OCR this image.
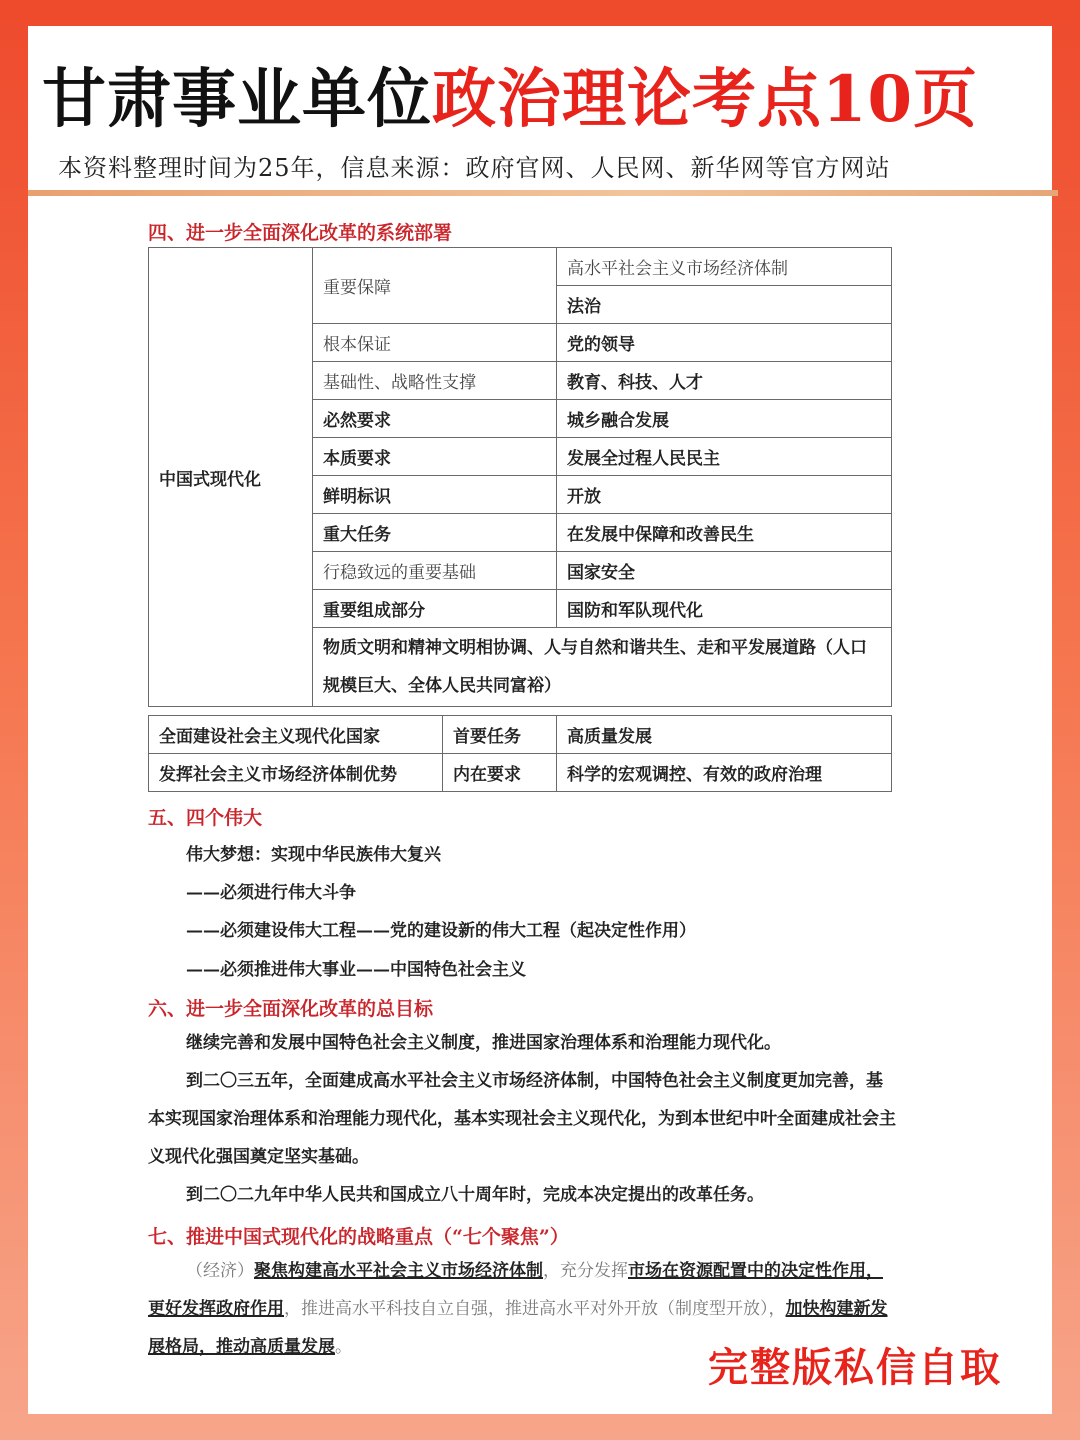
甘肃事业单位政治理论考点10页
本资料整理时间为25年，信息来源：政府官网、人民网、新华网等官方网站
四、进一步全面深化改革的系统部署
中国式现代化	重要保障	高水平社会主义市场经济体制
		法治
	根本保证	党的领导
	基础性、战略性支撑	教育、科技、人才
	必然要求	城乡融合发展
	本质要求	发展全过程人民民主
	鲜明标识	开放
	重大任务	在发展中保障和改善民生
	行稳致远的重要基础	国家安全
	重要组成部分	国防和军队现代化
	物质文明和精神文明相协调、人与自然和谐共生、走和平发展道路（人口规模巨大、全体人民共同富裕）	
全面建设社会主义现代化国家	首要任务	高质量发展
发挥社会主义市场经济体制优势	内在要求	科学的宏观调控、有效的政府治理
五、四个伟大
伟大梦想：实现中华民族伟大复兴
——必须进行伟大斗争
——必须建设伟大工程——党的建设新的伟大工程（起决定性作用）
——必须推进伟大事业——中国特色社会主义
六、进一步全面深化改革的总目标
继续完善和发展中国特色社会主义制度，推进国家治理体系和治理能力现代化。
到二〇三五年，全面建成高水平社会主义市场经济体制，中国特色社会主义制度更加完善，基本实现国家治理体系和治理能力现代化，基本实现社会主义现代化，为到本世纪中叶全面建成社会主义现代化强国奠定坚实基础。
到二〇二九年中华人民共和国成立八十周年时，完成本决定提出的改革任务。
七、推进中国式现代化的战略重点（“七个聚焦”）
（经济）聚焦构建高水平社会主义市场经济体制，充分发挥市场在资源配置中的决定性作用，更好发挥政府作用，推进高水平科技自立自强，推进高水平对外开放（制度型开放），加快构建新发展格局，推动高质量发展。	完整版私信自取
